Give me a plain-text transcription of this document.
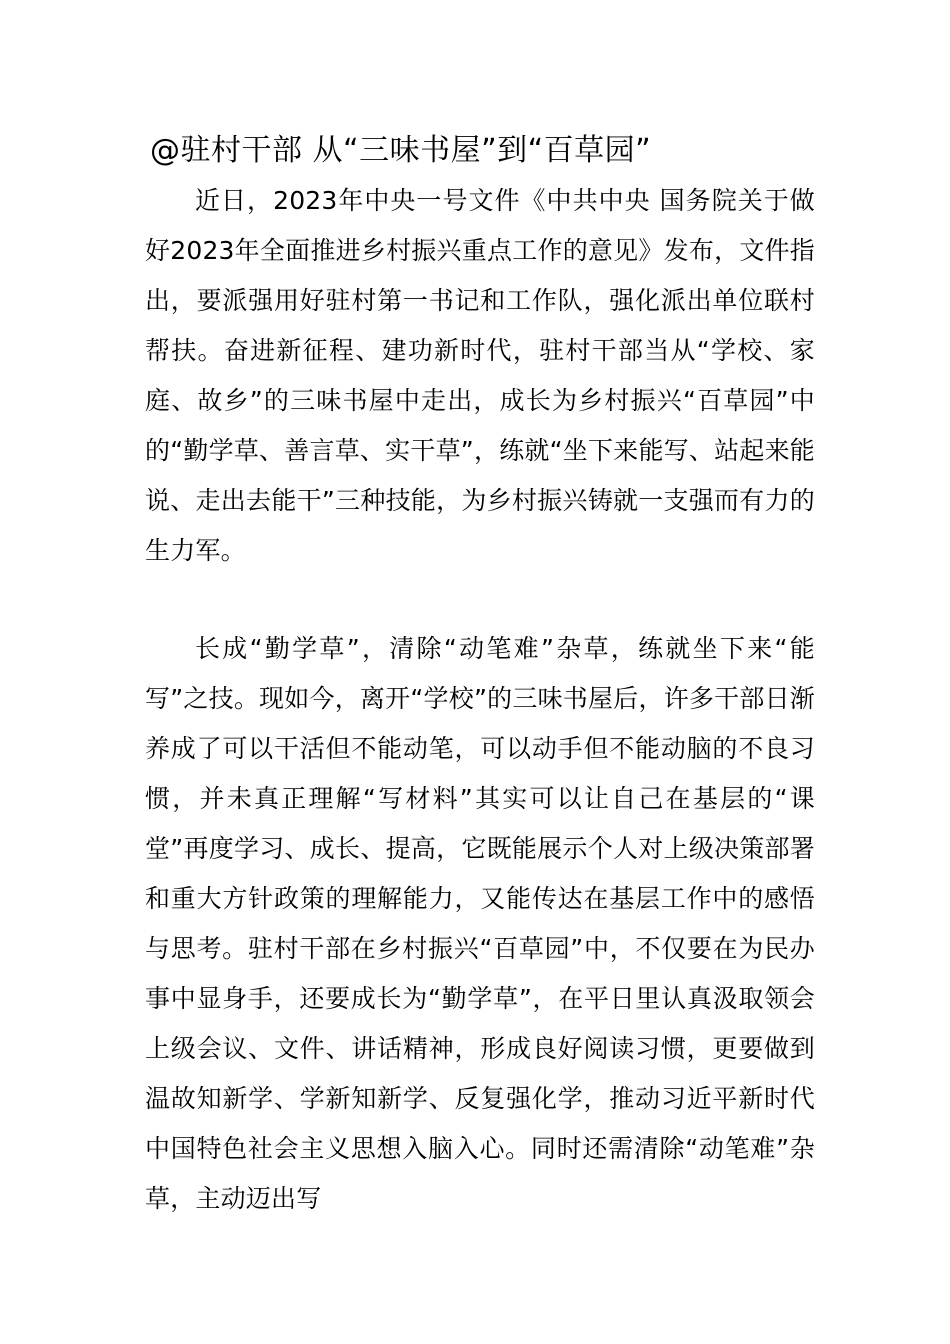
@驻村干部 从“三味书屋”到“百草园”

近日，2023年中央一号文件《中共中央 国务院关于做好2023年全面推进乡村振兴重点工作的意见》发布，文件指出，要派强用好驻村第一书记和工作队，强化派出单位联村帮扶。奋进新征程、建功新时代，驻村干部当从“学校、家庭、故乡”的三味书屋中走出，成长为乡村振兴“百草园”中的“勤学草、善言草、实干草”，练就“坐下来能写、站起来能说、走出去能干”三种技能，为乡村振兴铸就一支强而有力的生力军。

长成“勤学草”，清除“动笔难”杂草，练就坐下来“能写”之技。现如今，离开“学校”的三味书屋后，许多干部日渐养成了可以干活但不能动笔，可以动手但不能动脑的不良习惯，并未真正理解“写材料”其实可以让自己在基层的“课堂”再度学习、成长、提高，它既能展示个人对上级决策部署和重大方针政策的理解能力，又能传达在基层工作中的感悟与思考。驻村干部在乡村振兴“百草园”中，不仅要在为民办事中显身手，还要成长为“勤学草”，在平日里认真汲取领会上级会议、文件、讲话精神，形成良好阅读习惯，更要做到温故知新学、学新知新学、反复强化学，推动习近平新时代中国特色社会主义思想入脑入心。同时还需清除“动笔难”杂草，主动迈出写
